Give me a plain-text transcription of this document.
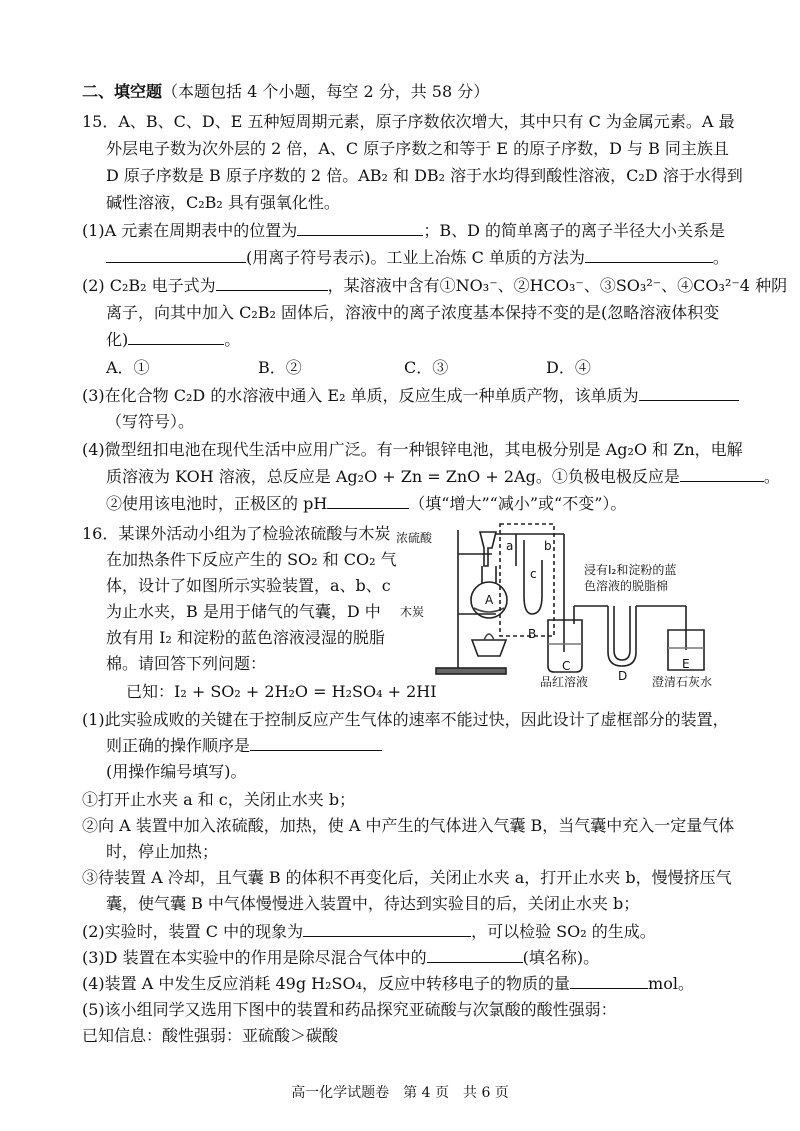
二、填空题（本题包括 4 个小题，每空 2 分，共 58 分）
15．A、B、C、D、E 五种短周期元素，原子序数依次增大，其中只有 C 为金属元素。A 最
外层电子数为次外层的 2 倍，A、C 原子序数之和等于 E 的原子序数，D 与 B 同主族且
D 原子序数是 B 原子序数的 2 倍。AB₂ 和 DB₂ 溶于水均得到酸性溶液，C₂D 溶于水得到
碱性溶液，C₂B₂ 具有强氧化性。
(1)A 元素在周期表中的位置为	；B、D 的简单离子的离子半径大小关系是
(用离子符号表示)。工业上冶炼 C 单质的方法为	。
(2) C₂B₂ 电子式为	，某溶液中含有①NO₃⁻、②HCO₃⁻、③SO₃²⁻、④CO₃²⁻4 种阴
离子，向其中加入 C₂B₂ 固体后，溶液中的离子浓度基本保持不变的是(忽略溶液体积变
化)	。
A．①	B．②	C．③	D．④
(3)在化合物 C₂D 的水溶液中通入 E₂ 单质，反应生成一种单质产物，该单质为
（写符号）。
(4)微型纽扣电池在现代生活中应用广泛。有一种银锌电池，其电极分别是 Ag₂O 和 Zn，电解
质溶液为 KOH 溶液，总反应是 Ag₂O + Zn = ZnO + 2Ag。①负极电极反应是	。
②使用该电池时，正极区的 pH	（填“增大”“减小”或“不变”）。
16．某课外活动小组为了检验浓硫酸与木炭
在加热条件下反应产生的 SO₂ 和 CO₂ 气
体，设计了如图所示实验装置，a、b、c
为止水夹，B 是用于储气的气囊，D 中
放有用 I₂ 和淀粉的蓝色溶液浸湿的脱脂
棉。请回答下列问题：
已知：I₂ + SO₂ + 2H₂O = H₂SO₄ + 2HI
浓硫酸
木炭
浸有I₂和淀粉的蓝
色溶液的脱脂棉
品红溶液	澄清石灰水
a	b
c
A
B
C
D
E
(1)此实验成败的关键在于控制反应产生气体的速率不能过快，因此设计了虚框部分的装置，
则正确的操作顺序是
(用操作编号填写)。
①打开止水夹 a 和 c，关闭止水夹 b；
②向 A 装置中加入浓硫酸，加热，使 A 中产生的气体进入气囊 B，当气囊中充入一定量气体
时，停止加热；
③待装置 A 冷却，且气囊 B 的体积不再变化后，关闭止水夹 a，打开止水夹 b，慢慢挤压气
囊，使气囊 B 中气体慢慢进入装置中，待达到实验目的后，关闭止水夹 b；
(2)实验时，装置 C 中的现象为	，可以检验 SO₂ 的生成。
(3)D 装置在本实验中的作用是除尽混合气体中的	(填名称)。
(4)装置 A 中发生反应消耗 49g H₂SO₄，反应中转移电子的物质的量	mol。
(5)该小组同学又选用下图中的装置和药品探究亚硫酸与次氯酸的酸性强弱：
已知信息：酸性强弱：亚硫酸＞碳酸
高一化学试题卷　第 4 页　共 6 页
